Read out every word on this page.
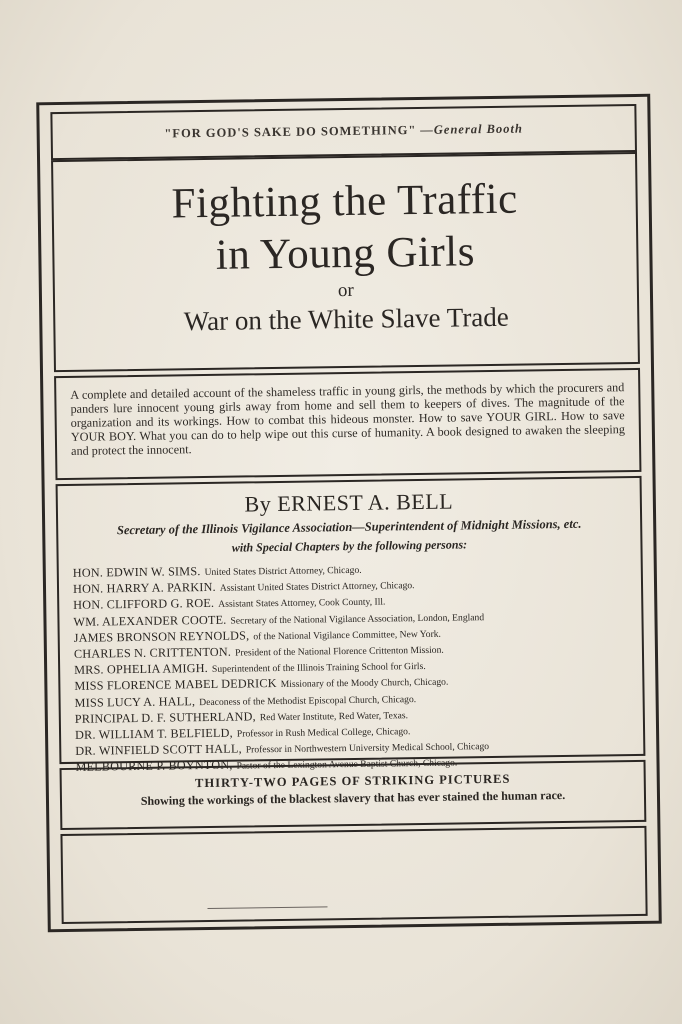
"FOR GOD'S SAKE DO SOMETHING" —General Booth
Fighting the Traffic
in Young Girls
or
War on the White Slave Trade
A complete and detailed account of the shameless traffic in young girls, the methods by which the procurers and panders lure innocent young girls away from home and sell them to keepers of dives. The magnitude of the organization and its workings. How to combat this hideous monster. How to save YOUR GIRL. How to save YOUR BOY. What you can do to help wipe out this curse of humanity. A book designed to awaken the sleeping and protect the innocent.
By ERNEST A. BELL
Secretary of the Illinois Vigilance Association—Superintendent of Midnight Missions, etc.
with Special Chapters by the following persons:
HON. EDWIN W. SIMS. United States District Attorney, Chicago.
HON. HARRY A. PARKIN. Assistant United States District Attorney, Chicago.
HON. CLIFFORD G. ROE. Assistant States Attorney, Cook County, Ill.
WM. ALEXANDER COOTE. Secretary of the National Vigilance Association, London, England
JAMES BRONSON REYNOLDS, of the National Vigilance Committee, New York.
CHARLES N. CRITTENTON. President of the National Florence Crittenton Mission.
MRS. OPHELIA AMIGH. Superintendent of the Illinois Training School for Girls.
MISS FLORENCE MABEL DEDRICK Missionary of the Moody Church, Chicago.
MISS LUCY A. HALL, Deaconess of the Methodist Episcopal Church, Chicago.
PRINCIPAL D. F. SUTHERLAND, Red Water Institute, Red Water, Texas.
DR. WILLIAM T. BELFIELD, Professor in Rush Medical College, Chicago.
DR. WINFIELD SCOTT HALL, Professor in Northwestern University Medical School, Chicago
MELBOURNE P. BOYNTON, Pastor of the Lexington Avenue Baptist Church, Chicago.
THIRTY-TWO PAGES OF STRIKING PICTURES
Showing the workings of the blackest slavery that has ever stained the human race.
